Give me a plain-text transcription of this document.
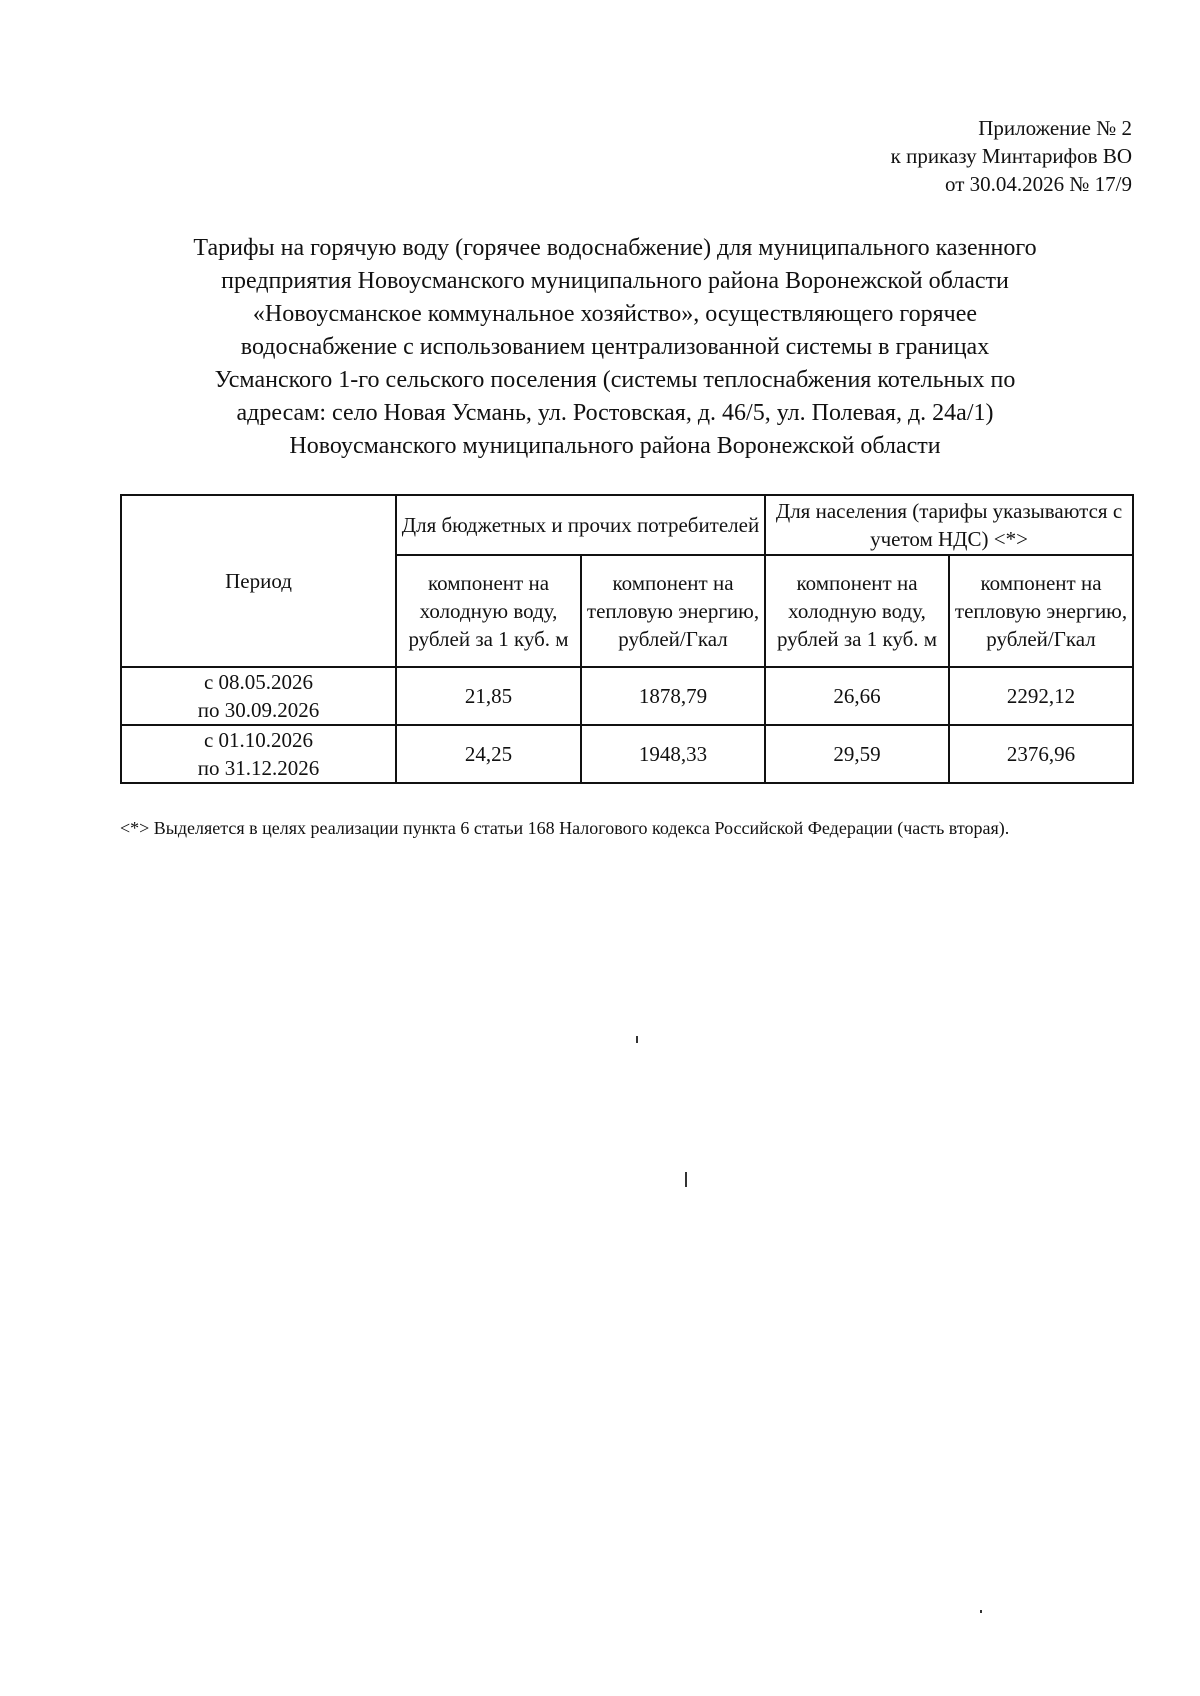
Приложение № 2
к приказу Минтарифов ВО
от 30.04.2026 № 17/9
Тарифы на горячую воду (горячее водоснабжение) для муниципального казенного
предприятия Новоусманского муниципального района Воронежской области
«Новоусманское коммунальное хозяйство», осуществляющего горячее
водоснабжение с использованием централизованной системы в границах
Усманского 1-го сельского поселения (системы теплоснабжения котельных по
адресам: село Новая Усмань, ул. Ростовская, д. 46/5, ул. Полевая, д. 24а/1)
Новоусманского муниципального района Воронежской области
Период	Для бюджетных и прочих потребителей		Для населения (тарифы указываются с учетом НДС) <*>	
	компонент на холодную воду, рублей за 1 куб. м	компонент на тепловую энергию, рублей/Гкал	компонент на холодную воду, рублей за 1 куб. м	компонент на тепловую энергию, рублей/Гкал

с 08.05.2026
по 30.09.2026	21,85	1878,79	26,66	2292,12

с 01.10.2026
по 31.12.2026	24,25	1948,33	29,59	2376,96
<*> Выделяется в целях реализации пункта 6 статьи 168 Налогового кодекса Российской Федерации (часть вторая).
